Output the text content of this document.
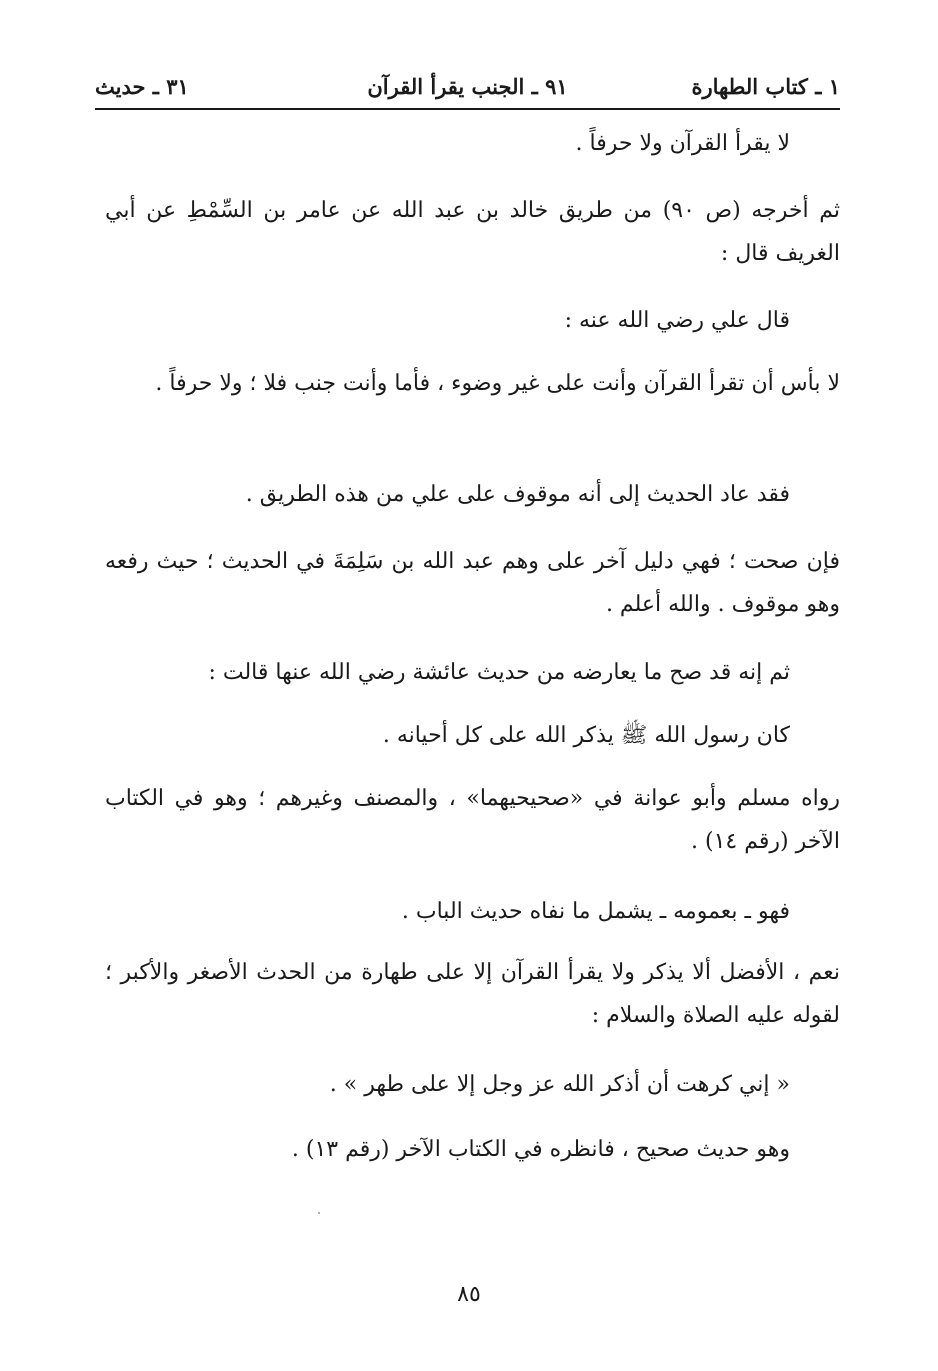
١ ـ كتاب الطهارة
٩١ ـ الجنب يقرأ القرآن
٣١ ـ حديث

لا يقرأ القرآن ولا حرفاً .

ثم أخرجه (ص ٩٠) من طريق خالد بن عبد الله عن عامر بن السِّمْطِ عن أبي الغريف قال :

قال علي رضي الله عنه :

لا بأس أن تقرأ القرآن وأنت على غير وضوء ، فأما وأنت جنب فلا ؛ ولا حرفاً .

فقد عاد الحديث إلى أنه موقوف على علي من هذه الطريق .

فإن صحت ؛ فهي دليل آخر على وهم عبد الله بن سَلِمَةَ في الحديث ؛ حيث رفعه وهو موقوف . والله أعلم .

ثم إنه قد صح ما يعارضه من حديث عائشة رضي الله عنها قالت :

كان رسول الله ﷺ يذكر الله على كل أحيانه .

رواه مسلم وأبو عوانة في «صحيحيهما» ، والمصنف وغيرهم ؛ وهو في الكتاب الآخر (رقم ١٤) .

فهو ـ بعمومه ـ يشمل ما نفاه حديث الباب .

نعم ، الأفضل ألا يذكر ولا يقرأ القرآن إلا على طهارة من الحدث الأصغر والأكبر ؛ لقوله عليه الصلاة والسلام :

« إني كرهت أن أذكر الله عز وجل إلا على طهر » .

وهو حديث صحيح ، فانظره في الكتاب الآخر (رقم ١٣) .

٨٥
